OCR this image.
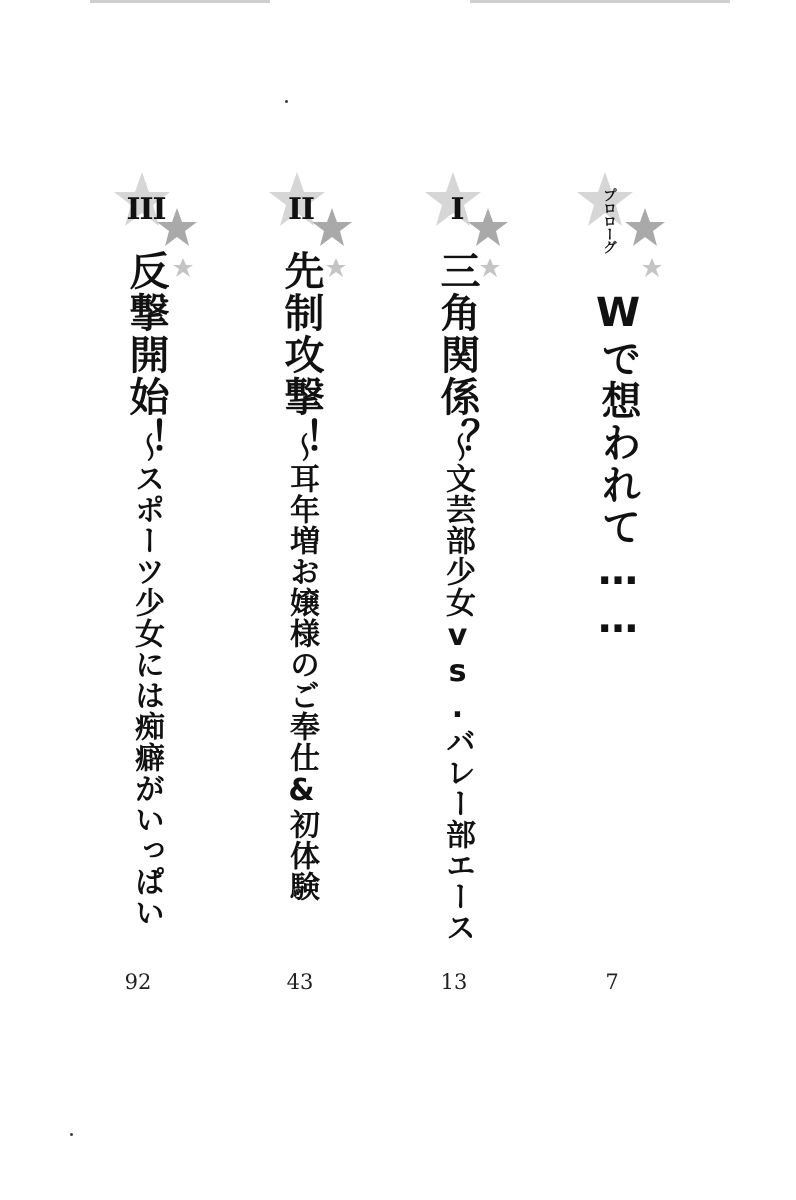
プロローグ
Wで想われて……
I
三角関係？
～文芸部少女vs.バレー部エース
II
先制攻撃！
～耳年増お嬢様のご奉仕&初体験
III
反撃開始！
～スポーツ少女には痴癖がいっぱい
7
13
43
92
